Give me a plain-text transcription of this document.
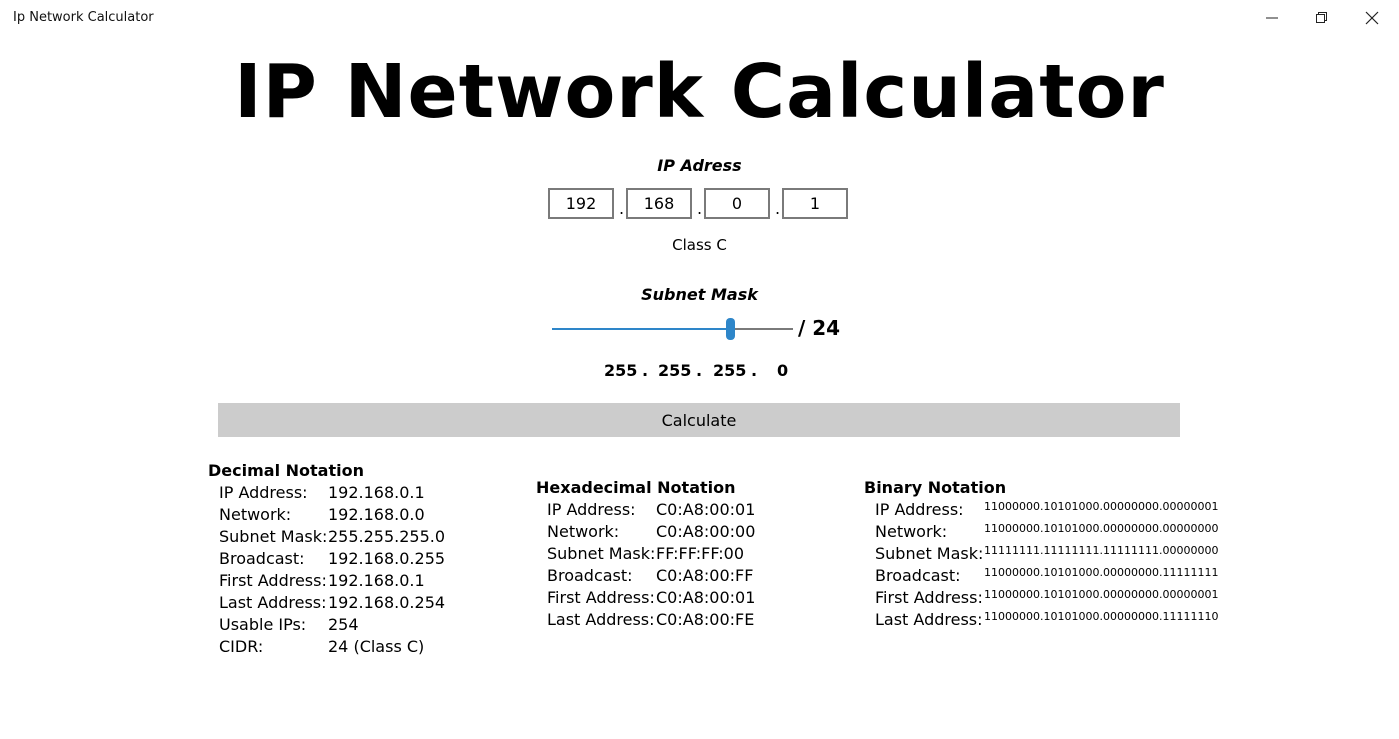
Ip Network Calculator
IP Network Calculator
IP Adress
192	.	168	.	0	.	1
Class C
Subnet Mask
/ 24
255 . 255 . 255 . 0
Calculate
Decimal Notation
IP Address: 192.168.0.1
Network: 192.168.0.0
Subnet Mask: 255.255.255.0
Broadcast: 192.168.0.255
First Address: 192.168.0.1
Last Address: 192.168.0.254
Usable IPs: 254
CIDR:	24 (Class C)
Hexadecimal Notation
IP Address: C0:A8:00:01
Network: C0:A8:00:00
Subnet Mask: FF:FF:FF:00
Broadcast: C0:A8:00:FF
First Address: C0:A8:00:01
Last Address: C0:A8:00:FE
Binary Notation
IP Address: 11000000.10101000.00000000.00000001
Network:	11000000.10101000.00000000.00000000
Subnet Mask: 11111111.11111111.11111111.00000000
Broadcast: 11000000.10101000.00000000.11111111
First Address: 11000000.10101000.00000000.00000001
Last Address: 11000000.10101000.00000000.11111110
